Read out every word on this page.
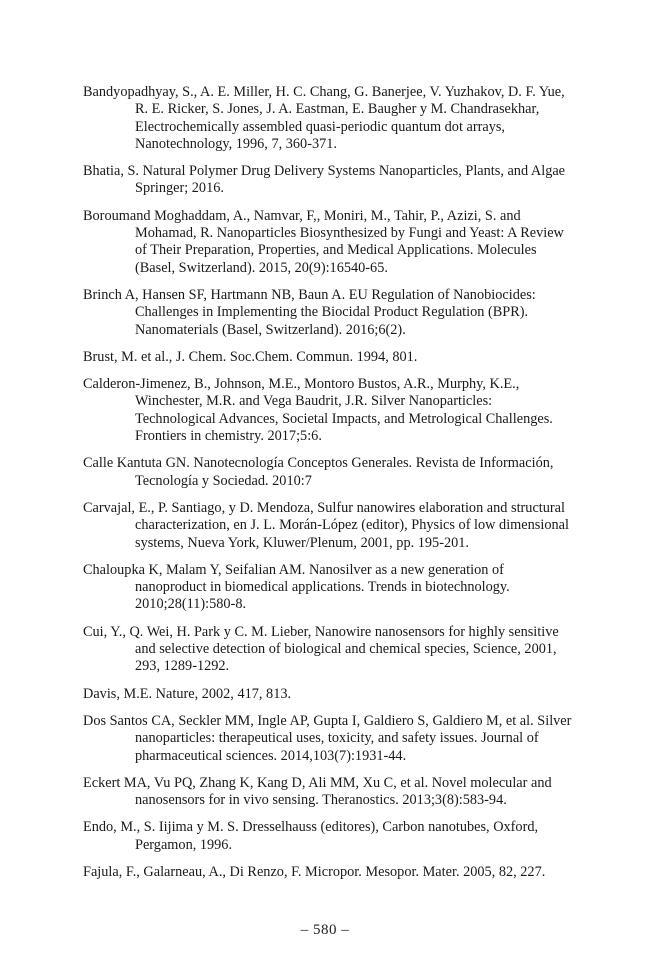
Bandyopadhyay, S., A. E. Miller, H. C. Chang, G. Banerjee, V. Yuzhakov, D. F. Yue, R. E. Ricker, S. Jones, J. A. Eastman, E. Baugher y M. Chandrasekhar, Electrochemically assembled quasi-periodic quantum dot arrays, Nanotechnology, 1996, 7, 360-371.
Bhatia, S. Natural Polymer Drug Delivery Systems Nanoparticles, Plants, and Algae Springer; 2016.
Boroumand Moghaddam, A., Namvar, F,, Moniri, M., Tahir, P., Azizi, S. and Mohamad, R. Nanoparticles Biosynthesized by Fungi and Yeast: A Review of Their Preparation, Properties, and Medical Applications. Molecules (Basel, Switzerland). 2015, 20(9):16540-65.
Brinch A, Hansen SF, Hartmann NB, Baun A. EU Regulation of Nanobiocides: Challenges in Implementing the Biocidal Product Regulation (BPR). Nanomaterials (Basel, Switzerland). 2016;6(2).
Brust, M. et al., J. Chem. Soc.Chem. Commun. 1994, 801.
Calderon-Jimenez, B., Johnson, M.E., Montoro Bustos, A.R., Murphy, K.E., Winchester, M.R. and Vega Baudrit, J.R. Silver Nanoparticles: Technological Advances, Societal Impacts, and Metrological Challenges. Frontiers in chemistry. 2017;5:6.
Calle Kantuta GN. Nanotecnología Conceptos Generales. Revista de Información, Tecnología y Sociedad. 2010:7
Carvajal, E., P. Santiago, y D. Mendoza, Sulfur nanowires elaboration and structural characterization, en J. L. Morán-López (editor), Physics of low dimensional systems, Nueva York, Kluwer/Plenum, 2001, pp. 195-201.
Chaloupka K, Malam Y, Seifalian AM. Nanosilver as a new generation of nanoproduct in biomedical applications. Trends in biotechnology. 2010;28(11):580-8.
Cui, Y., Q. Wei, H. Park y C. M. Lieber, Nanowire nanosensors for highly sensitive and selective detection of biological and chemical species, Science, 2001, 293, 1289-1292.
Davis, M.E. Nature, 2002, 417, 813.
Dos Santos CA, Seckler MM, Ingle AP, Gupta I, Galdiero S, Galdiero M, et al. Silver nanoparticles: therapeutical uses, toxicity, and safety issues. Journal of pharmaceutical sciences. 2014,103(7):1931-44.
Eckert MA, Vu PQ, Zhang K, Kang D, Ali MM, Xu C, et al. Novel molecular and nanosensors for in vivo sensing. Theranostics. 2013;3(8):583-94.
Endo, M., S. Iijima y M. S. Dresselhauss (editores), Carbon nanotubes, Oxford, Pergamon, 1996.
Fajula, F., Galarneau, A., Di Renzo, F. Micropor. Mesopor. Mater. 2005, 82, 227.
– 580 –
